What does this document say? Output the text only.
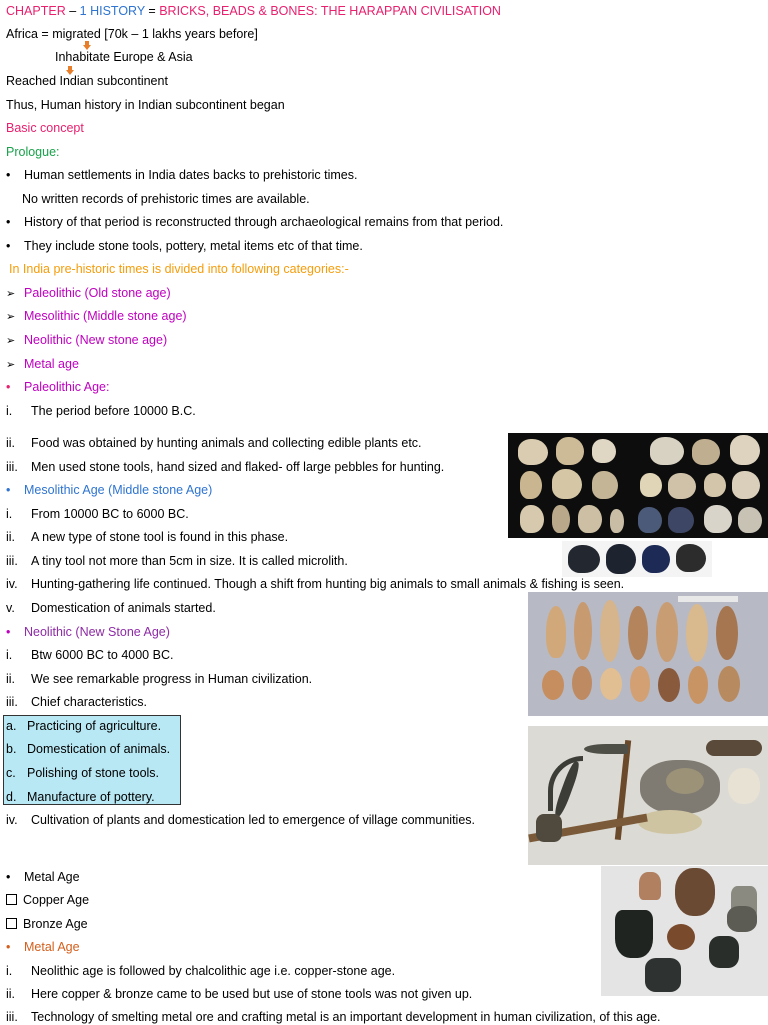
CHAPTER – 1 HISTORY = BRICKS, BEADS & BONES: THE HARAPPAN CIVILISATION
Africa = migrated [70k – 1 lakhs years before]
Inhabitate Europe & Asia
Reached Indian subcontinent
Thus, Human history in Indian subcontinent began
Basic concept
Prologue:
• Human settlements in India dates backs to prehistoric times.
No written records of prehistoric times are available.
• History of that period is reconstructed through archaeological remains from that period.
• They include stone tools, pottery, metal items etc of that time.
In India pre-historic times is divided into following categories:-
➢ Paleolithic (Old stone age)
➢ Mesolithic (Middle stone age)
➢ Neolithic (New stone age)
➢ Metal age
• Paleolithic Age:
i. The period before 10000 B.C.
ii. Food was obtained by hunting animals and collecting edible plants etc.
iii. Men used stone tools, hand sized and flaked- off large pebbles for hunting.
• Mesolithic Age (Middle stone Age)
i. From 10000 BC to 6000 BC.
ii. A new type of stone tool is found in this phase.
iii. A tiny tool not more than 5cm in size. It is called microlith.
iv. Hunting-gathering life continued. Though a shift from hunting big animals to small animals & fishing is seen.
v. Domestication of animals started.
• Neolithic (New Stone Age)
i. Btw 6000 BC to 4000 BC.
ii. We see remarkable progress in Human civilization.
iii. Chief characteristics.
a. Practicing of agriculture.
b. Domestication of animals.
c. Polishing of stone tools.
d. Manufacture of pottery.
iv. Cultivation of plants and domestication led to emergence of village communities.
• Metal Age
Copper Age
Bronze Age
• Metal Age
i. Neolithic age is followed by chalcolithic age i.e. copper-stone age.
ii. Here copper & bronze came to be used but use of stone tools was not given up.
iii. Technology of smelting metal ore and crafting metal is an important development in human civilization, of this age.
